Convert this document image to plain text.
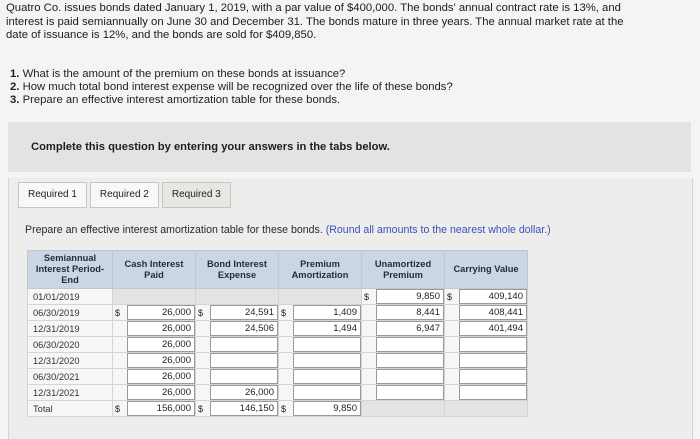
Quatro Co. issues bonds dated January 1, 2019, with a par value of $400,000. The bonds' annual contract rate is 13%, and
interest is paid semiannually on June 30 and December 31. The bonds mature in three years. The annual market rate at the
date of issuance is 12%, and the bonds are sold for $409,850.
1. What is the amount of the premium on these bonds at issuance?
2. How much total bond interest expense will be recognized over the life of these bonds?
3. Prepare an effective interest amortization table for these bonds.
Complete this question by entering your answers in the tabs below.
Required 1	Required 2	Required 3
Prepare an effective interest amortization table for these bonds. (Round all amounts to the nearest whole dollar.)
Semiannual Interest Period-End	Cash Interest Paid	Bond Interest Expense	Premium Amortization	Unamortized Premium	Carrying Value
01/01/2019				$ 9,850	$ 409,140

06/30/2019	$ 26,000	$ 24,591	$ 1,409	8,441	408,441

12/31/2019	26,000	24,506	1,494	6,947	401,494

06/30/2020	26,000				

12/31/2020	26,000				

06/30/2021	26,000				

12/31/2021	26,000	26,000			

Total	$ 156,000	$ 146,150	$ 9,850		
